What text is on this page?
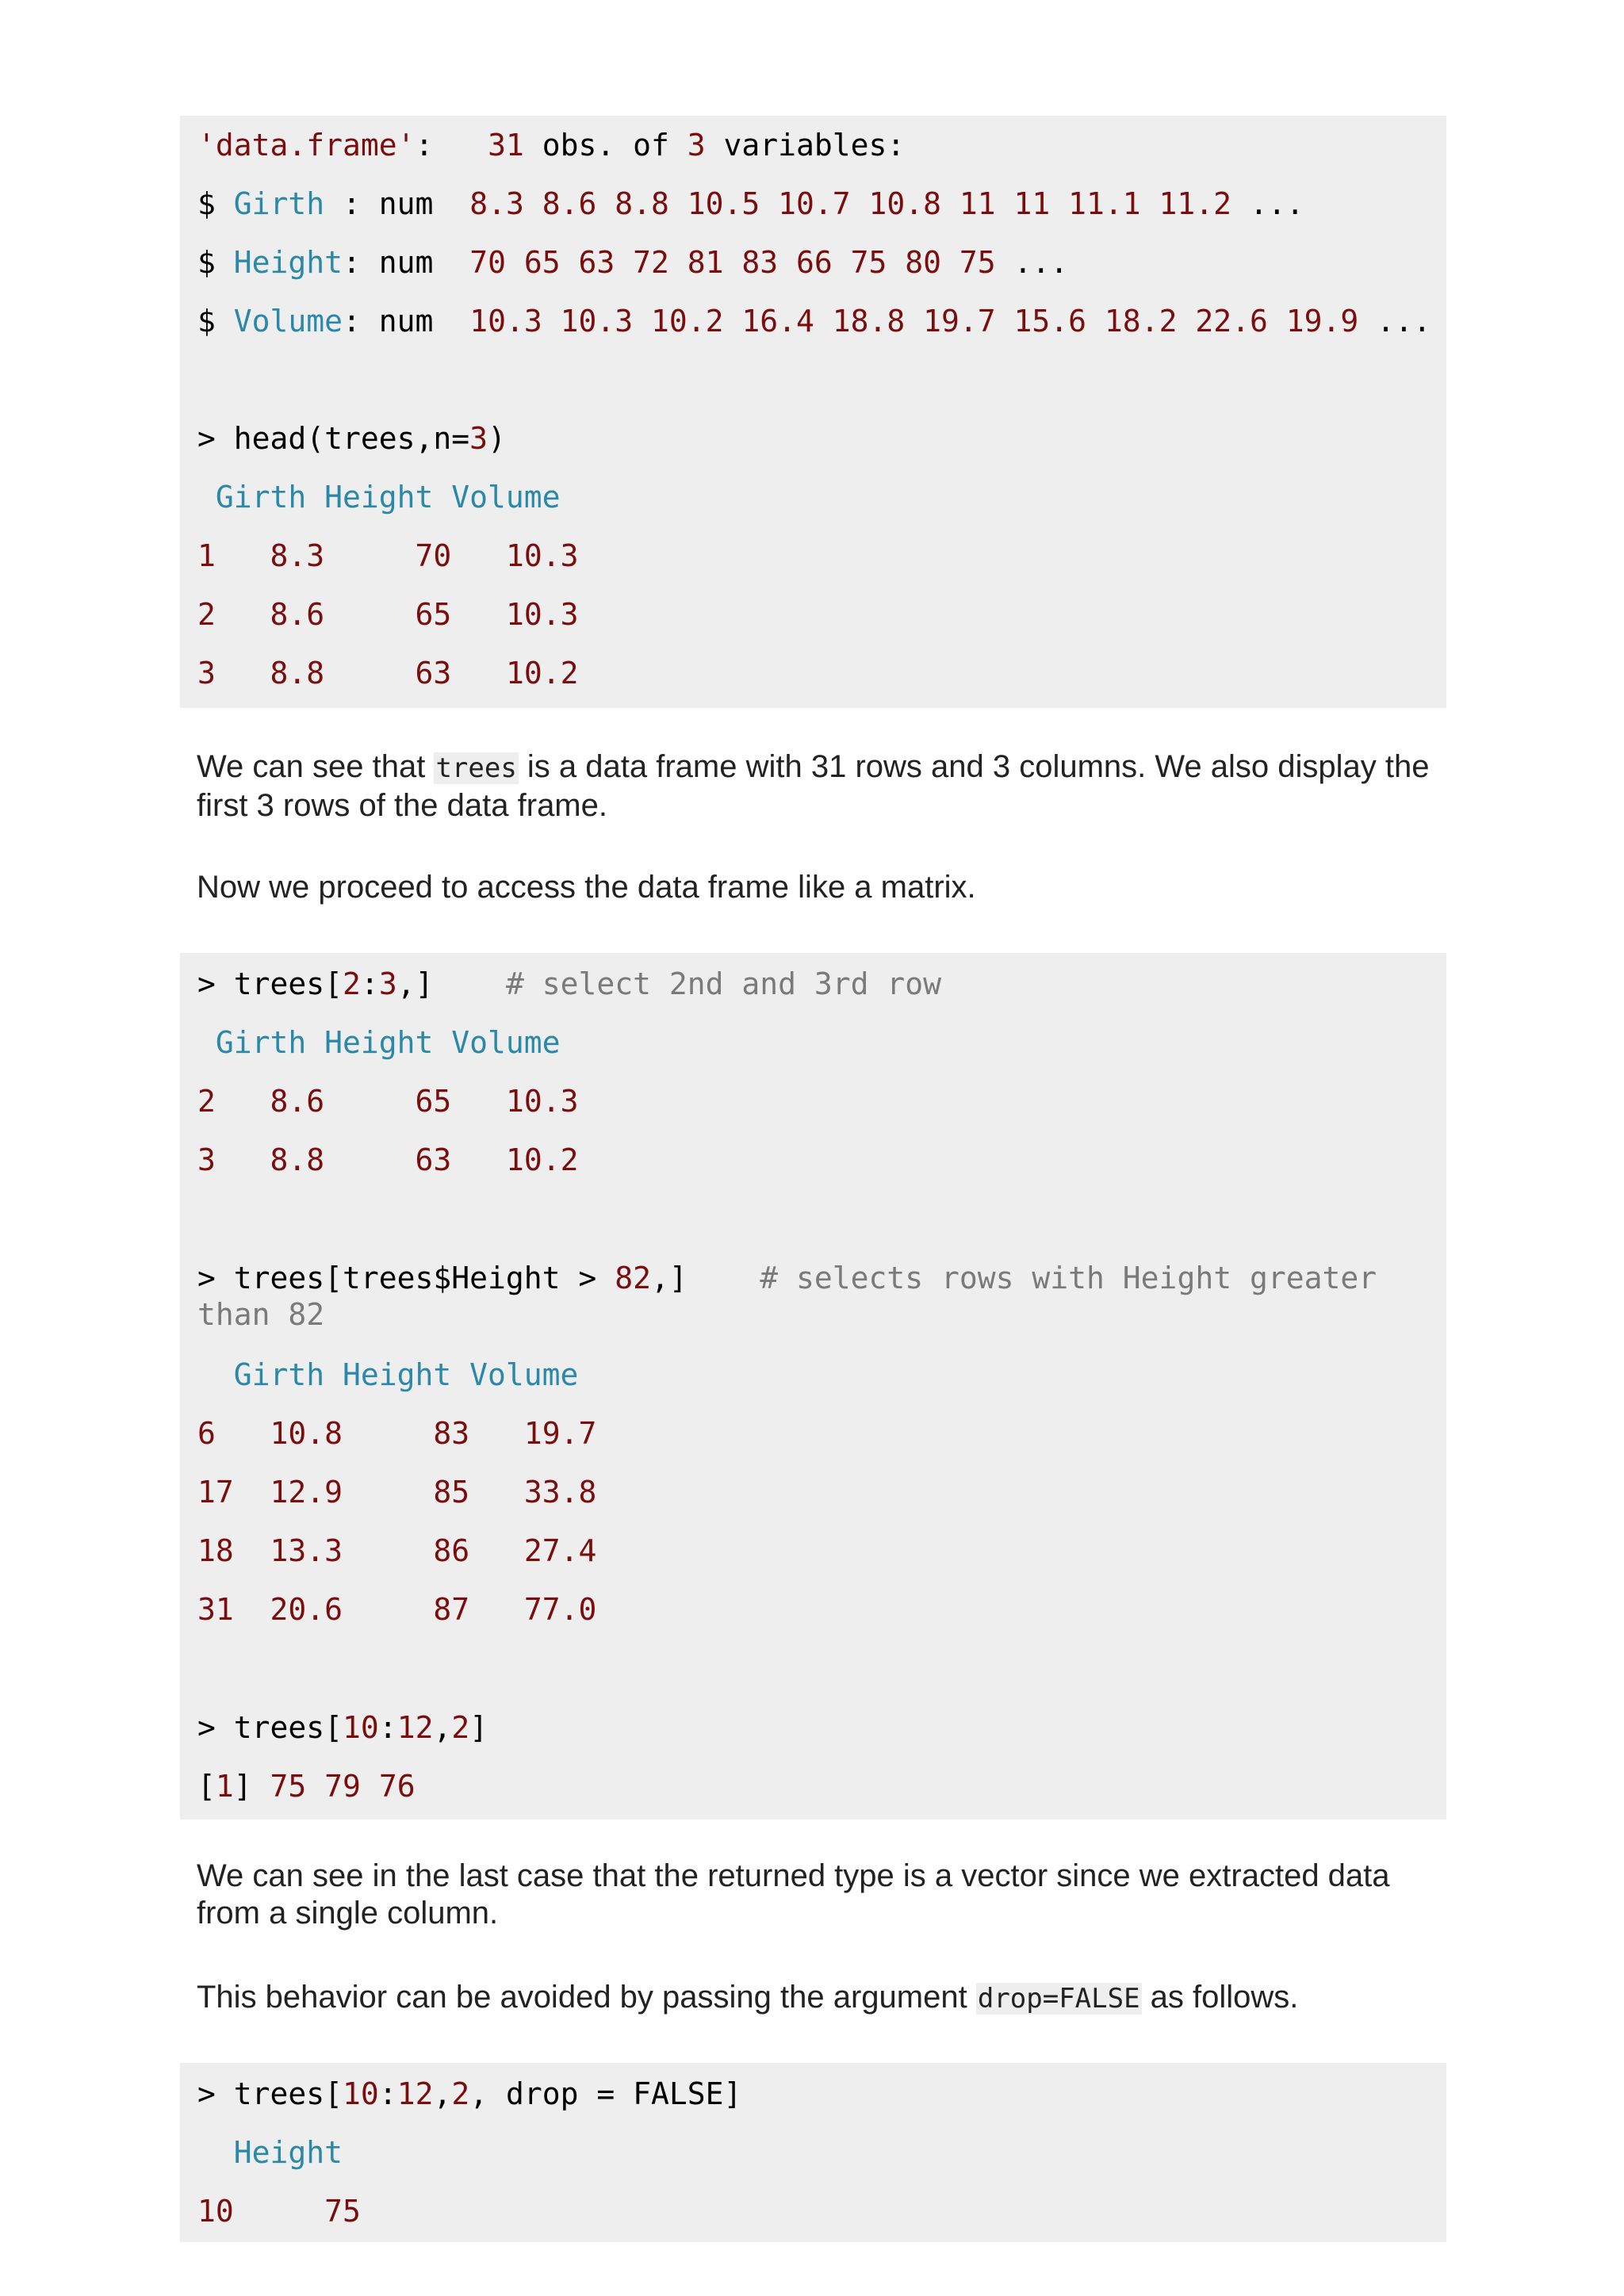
'data.frame':   31 obs. of 3 variables:
$ Girth : num  8.3 8.6 8.8 10.5 10.7 10.8 11 11 11.1 11.2 ...
$ Height: num  70 65 63 72 81 83 66 75 80 75 ...
$ Volume: num  10.3 10.3 10.2 16.4 18.8 19.7 15.6 18.2 22.6 19.9 ...
> head(trees,n=3)
Girth Height Volume
1   8.3     70   10.3
2   8.6     65   10.3
3   8.8     63   10.2
We can see that trees is a data frame with 31 rows and 3 columns. We also display the first 3 rows of the data frame.
Now we proceed to access the data frame like a matrix.
> trees[2:3,]    # select 2nd and 3rd row
Girth Height Volume
2   8.6     65   10.3
3   8.8     63   10.2
> trees[trees$Height > 82,]    # selects rows with Height greater than 82
Girth Height Volume
6   10.8     83   19.7
17  12.9     85   33.8
18  13.3     86   27.4
31  20.6     87   77.0
> trees[10:12,2]
[1] 75 79 76
We can see in the last case that the returned type is a vector since we extracted data from a single column.
This behavior can be avoided by passing the argument drop=FALSE as follows.
> trees[10:12,2, drop = FALSE]
Height
10     75
